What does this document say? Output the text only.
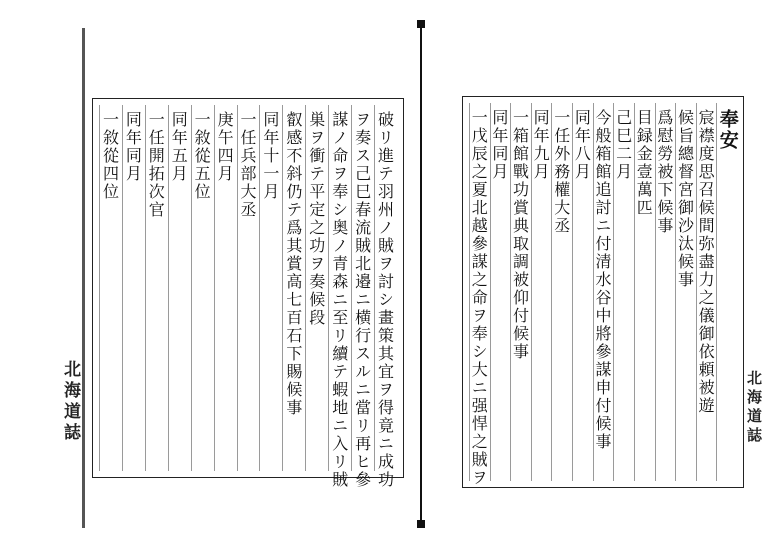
破リ進テ羽州ノ賊ヲ討シ畫策其宜ヲ得竟ニ成功
ヲ奏ス己巳春流賊北邉ニ横行スルニ當リ再ヒ參
謀ノ命ヲ奉シ奥ノ青森ニ至リ續テ蝦地ニ入リ賊
巣ヲ衝テ平定之功ヲ奏候段
叡感不斜仍テ爲其賞高七百石下賜候事
同年十一月
一任兵部大丞
庚午四月
一敘從五位
同年五月
一任開拓次官
同年同月
一敘從四位
北海道誌
奉安
宸襟度思召候間弥盡力之儀御依頼被遊
候旨總督宮御沙汰候事
爲慰勞被下候事
目録金壹萬匹
己巳二月
今般箱館追討ニ付清水谷中將參謀申付候事
同年八月
一任外務權大丞
同年九月
一箱館戰功賞典取調被仰付候事
同年同月
一戊辰之夏北越參謀之命ヲ奉シ大ニ强悍之賊ヲ	北海道誌
